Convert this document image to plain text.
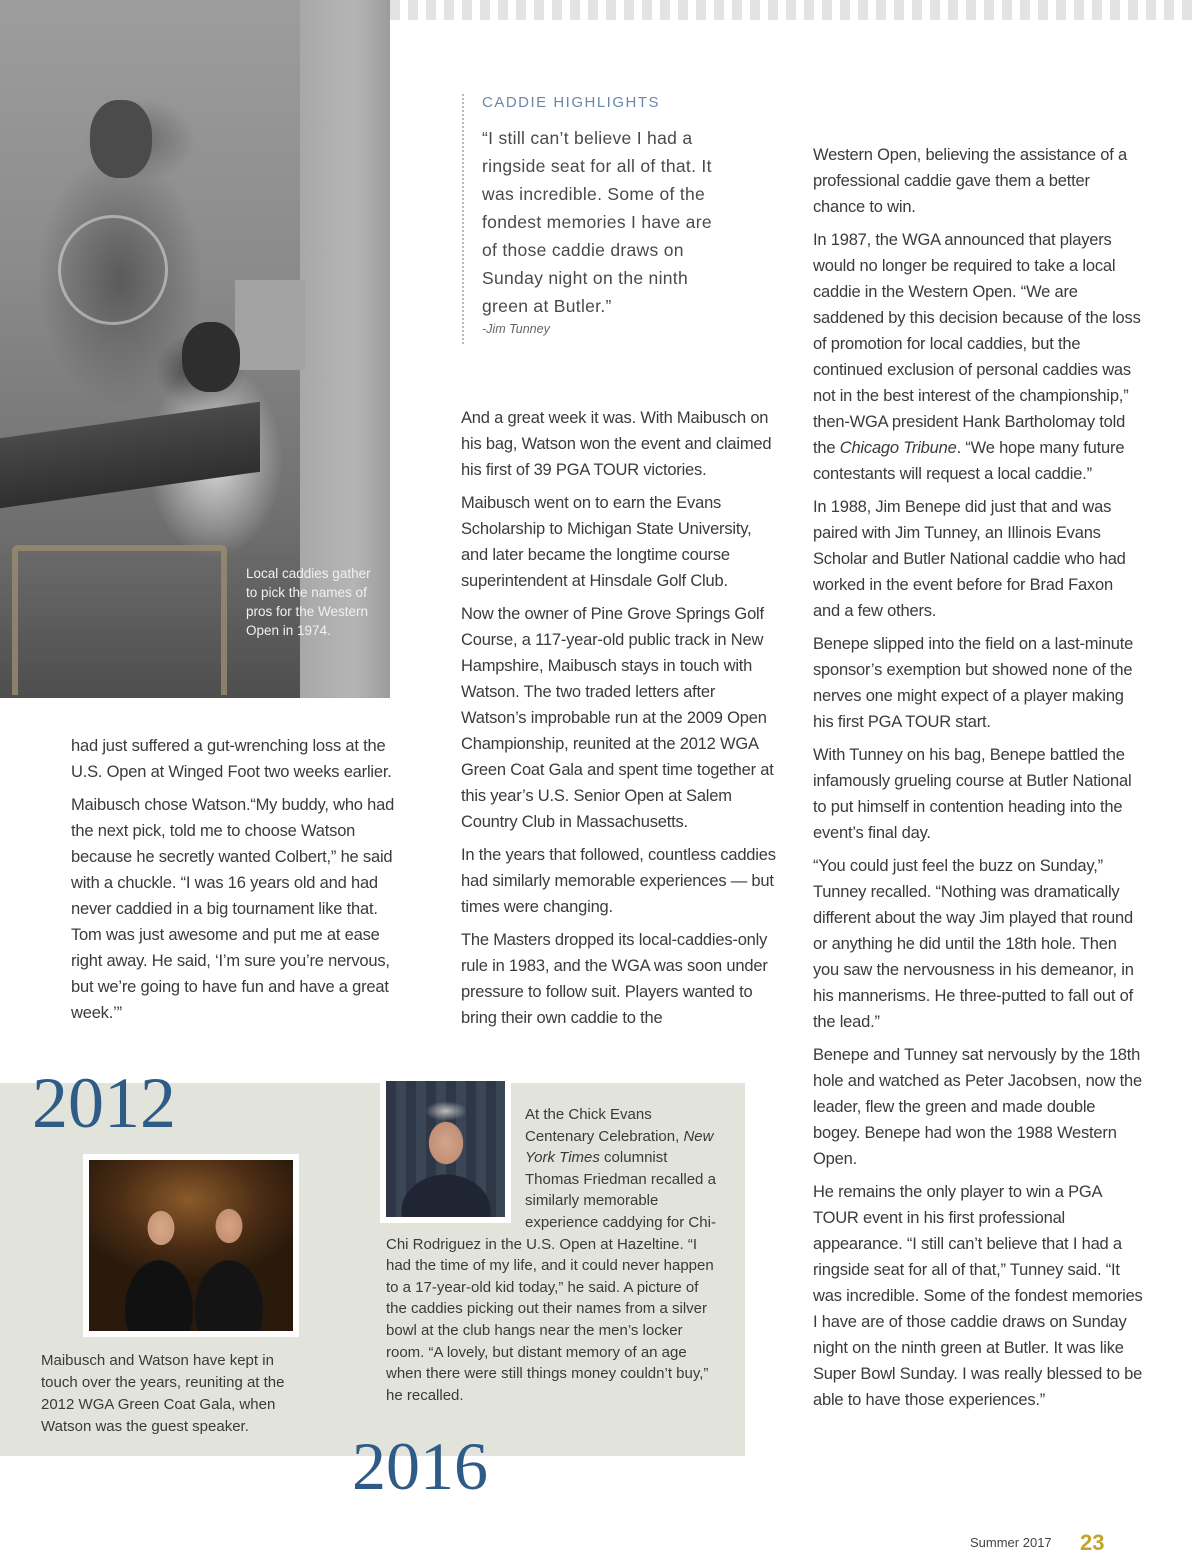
Local caddies gather to pick the names of pros for the Western Open in 1974.
CADDIE HIGHLIGHTS
“I still can’t believe I had a ringside seat for all of that. It was incredible. Some of the fondest memories I have are of those caddie draws on Sunday night on the ninth green at Butler.”
-Jim Tunney

had just suffered a gut-wrenching loss at the U.S. Open at Winged Foot two weeks earlier.

Maibusch chose Watson.“My buddy, who had the next pick, told me to choose Watson because he secretly wanted Colbert,” he said with a chuckle. “I was 16 years old and had never caddied in a big tournament like that. Tom was just awesome and put me at ease right away. He said, ‘I’m sure you’re nervous, but we’re going to have fun and have a great week.’”

And a great week it was. With Maibusch on his bag, Watson won the event and claimed his first of 39 PGA TOUR victories.

Maibusch went on to earn the Evans Scholarship to Michigan State University, and later became the longtime course superintendent at Hinsdale Golf Club.

Now the owner of Pine Grove Springs Golf Course, a 117-year-old public track in New Hampshire, Maibusch stays in touch with Watson. The two traded letters after Watson’s improbable run at the 2009 Open Championship, reunited at the 2012 WGA Green Coat Gala and spent time together at this year’s U.S. Senior Open at Salem Country Club in Massachusetts.

In the years that followed, countless caddies had similarly memorable experiences — but times were changing.

The Masters dropped its local-caddies-only rule in 1983, and the WGA was soon under pressure to follow suit. Players wanted to bring their own caddie to the

Western Open, believing the assistance of a professional caddie gave them a better chance to win.

In 1987, the WGA announced that players would no longer be required to take a local caddie in the Western Open. “We are saddened by this decision because of the loss of promotion for local caddies, but the continued exclusion of personal caddies was not in the best interest of the championship,” then-WGA president Hank Bartholomay told the Chicago Tribune. “We hope many future contestants will request a local caddie.”

In 1988, Jim Benepe did just that and was paired with Jim Tunney, an Illinois Evans Scholar and Butler National caddie who had worked in the event before for Brad Faxon and a few others.

Benepe slipped into the field on a last-minute sponsor’s exemption but showed none of the nerves one might expect of a player making his first PGA TOUR start.

With Tunney on his bag, Benepe battled the infamously grueling course at Butler National to put himself in contention heading into the event’s final day.

“You could just feel the buzz on Sunday,” Tunney recalled. “Nothing was dramatically different about the way Jim played that round or anything he did until the 18th hole. Then you saw the nervousness in his demeanor, in his mannerisms. He three-putted to fall out of the lead.”

Benepe and Tunney sat nervously by the 18th hole and watched as Peter Jacobsen, now the leader, flew the green and made double bogey. Benepe had won the 1988 Western Open.

He remains the only player to win a PGA TOUR event in his first professional appearance. “I still can’t believe that I had a ringside seat for all of that,” Tunney said. “It was incredible. Some of the fondest memories I have are of those caddie draws on Sunday night on the ninth green at Butler. It was like Super Bowl Sunday. I was really blessed to be able to have those experiences.”

2012
Maibusch and Watson have kept in touch over the years, reuniting at the 2012 WGA Green Coat Gala, when Watson was the guest speaker.
At the Chick Evans Centenary Celebration, New York Times columnist Thomas Friedman recalled a similarly memorable experience caddying for Chi-Chi Rodriguez in the U.S. Open at Hazeltine. “I had the time of my life, and it could never happen to a 17-year-old kid today,” he said. A picture of the caddies picking out their names from a silver bowl at the club hangs near the men’s locker room. “A lovely, but distant memory of an age when there were still things money couldn’t buy,” he recalled.
2016
Summer 2017 23
